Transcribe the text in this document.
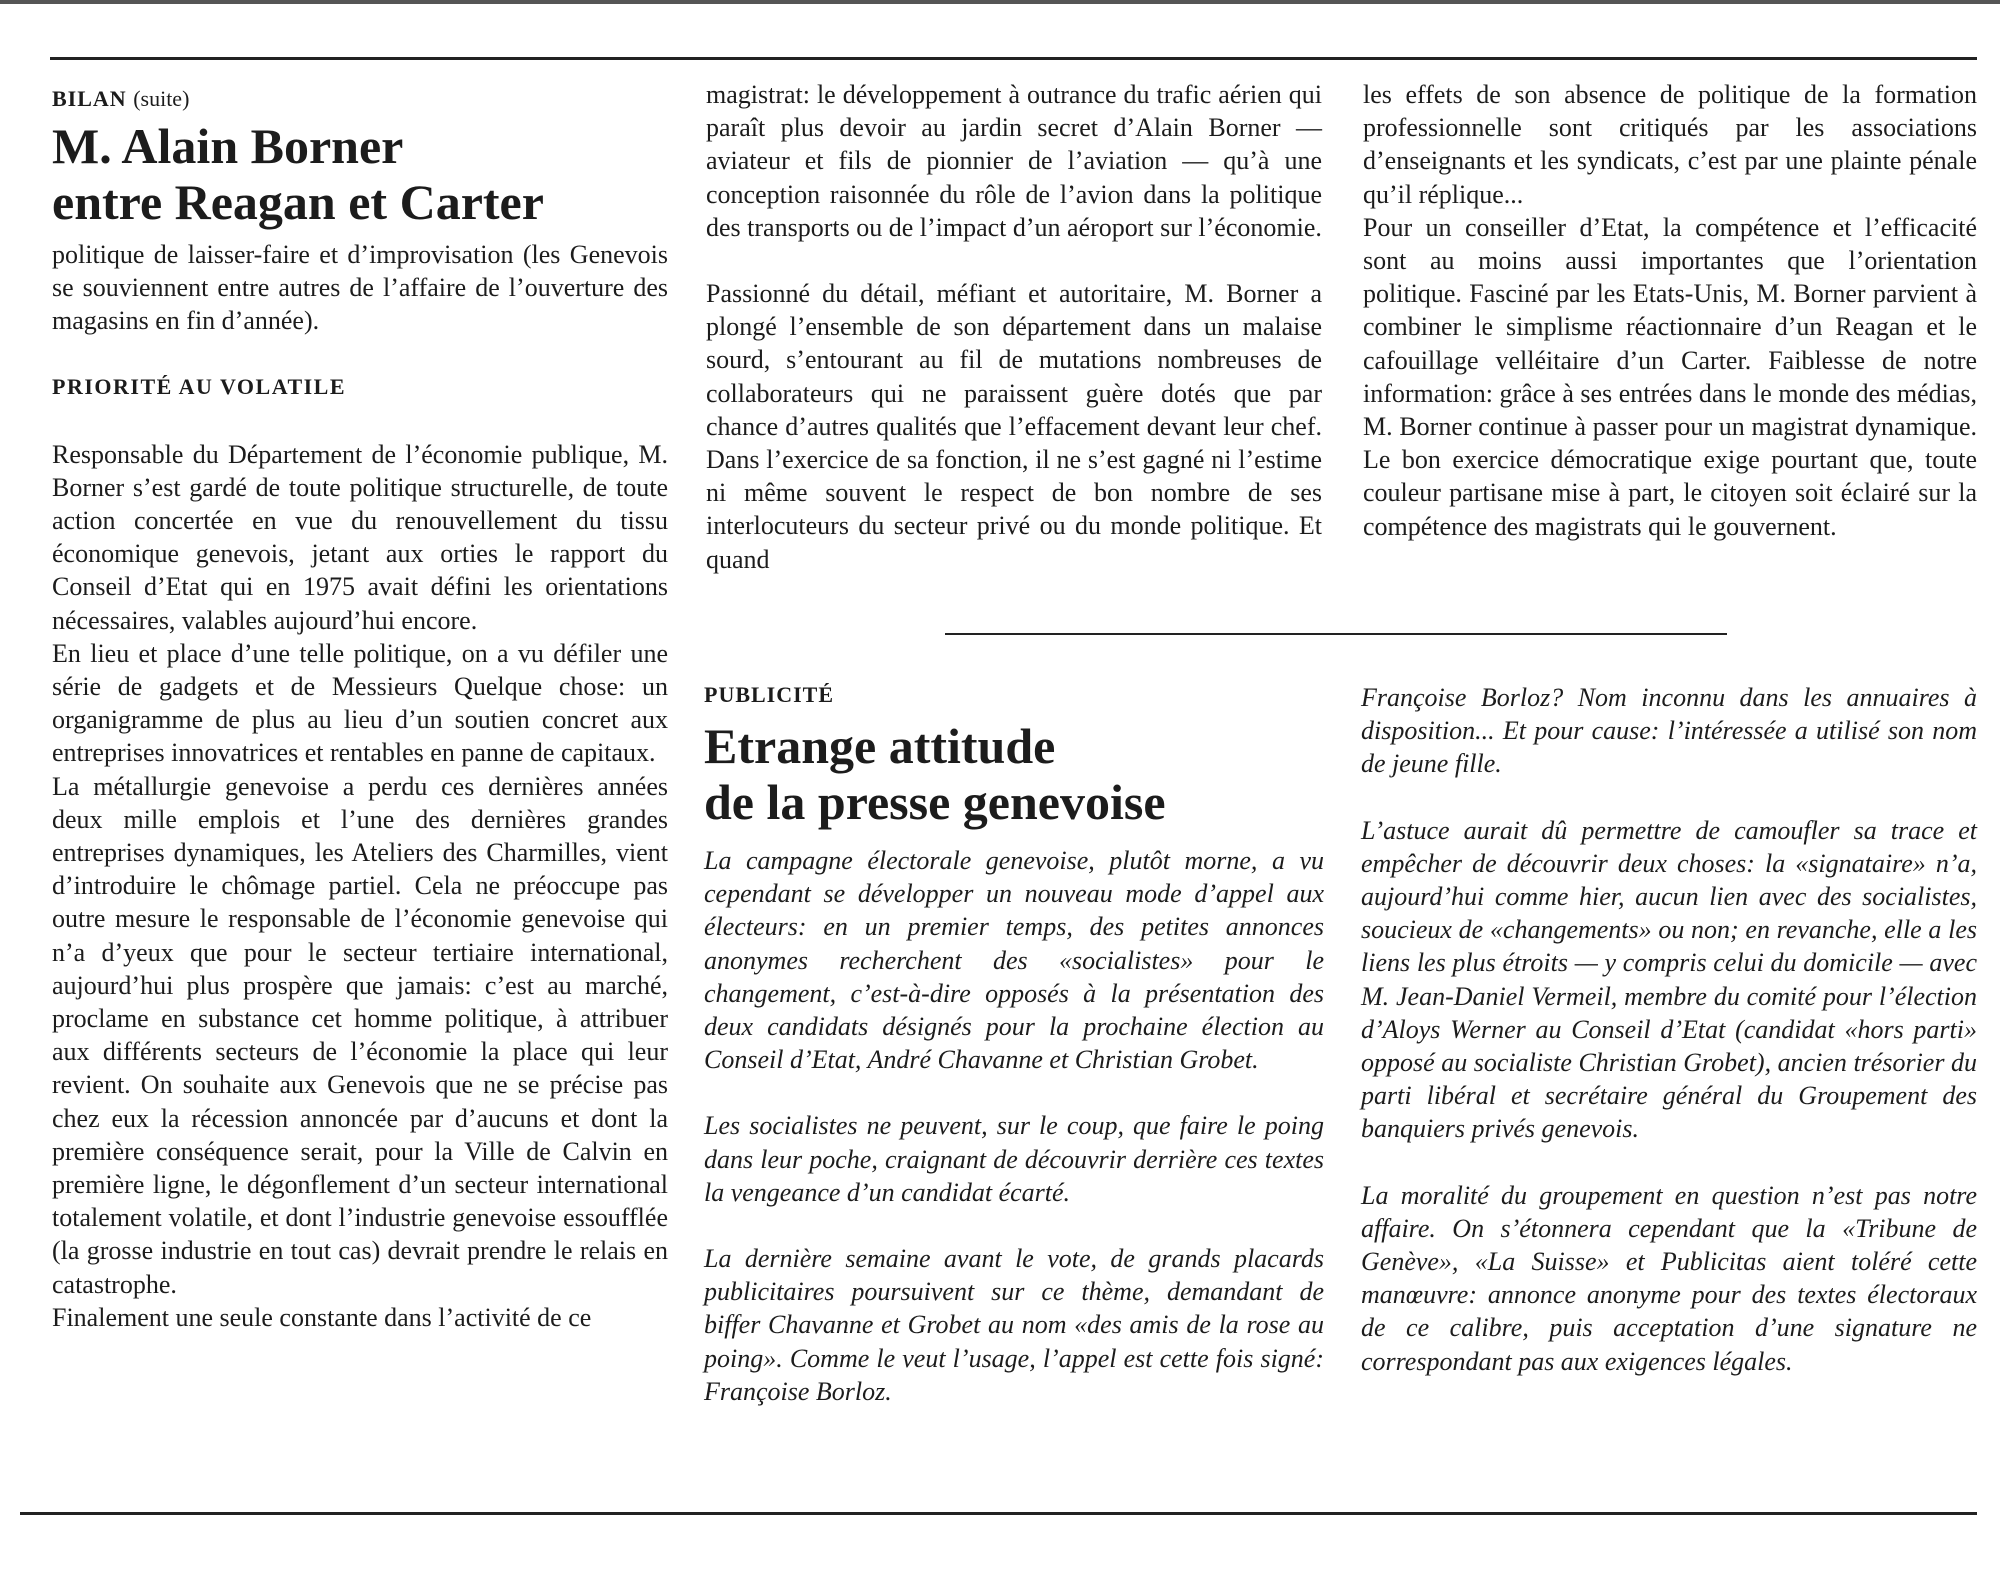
BILAN (suite)
M. Alain Borner
entre Reagan et Carter

politique de laisser-faire et d’improvisation (les Genevois se souviennent entre autres de l’affaire de l’ouverture des magasins en fin d’année).

PRIORITÉ AU VOLATILE

Responsable du Département de l’économie publique, M. Borner s’est gardé de toute politique structurelle, de toute action concertée en vue du renouvellement du tissu économique genevois, jetant aux orties le rapport du Conseil d’Etat qui en 1975 avait défini les orientations nécessaires, valables aujourd’hui encore.

En lieu et place d’une telle politique, on a vu défiler une série de gadgets et de Messieurs Quelque chose: un organigramme de plus au lieu d’un soutien concret aux entreprises innovatrices et rentables en panne de capitaux.

La métallurgie genevoise a perdu ces dernières années deux mille emplois et l’une des dernières grandes entreprises dynamiques, les Ateliers des Charmilles, vient d’introduire le chômage partiel. Cela ne préoccupe pas outre mesure le responsable de l’économie genevoise qui n’a d’yeux que pour le secteur tertiaire international, aujourd’hui plus prospère que jamais: c’est au marché, proclame en substance cet homme politique, à attribuer aux différents secteurs de l’économie la place qui leur revient. On souhaite aux Genevois que ne se précise pas chez eux la récession annoncée par d’aucuns et dont la première conséquence serait, pour la Ville de Calvin en première ligne, le dégonflement d’un secteur international totalement volatile, et dont l’industrie genevoise essoufflée (la grosse industrie en tout cas) devrait prendre le relais en catastrophe.

Finalement une seule constante dans l’activité de ce

magistrat: le développement à outrance du trafic aérien qui paraît plus devoir au jardin secret d’Alain Borner — aviateur et fils de pionnier de l’aviation — qu’à une conception raisonnée du rôle de l’avion dans la politique des transports ou de l’impact d’un aéroport sur l’économie.

Passionné du détail, méfiant et autoritaire, M. Borner a plongé l’ensemble de son département dans un malaise sourd, s’entourant au fil de mutations nombreuses de collaborateurs qui ne paraissent guère dotés que par chance d’autres qualités que l’effacement devant leur chef. Dans l’exercice de sa fonction, il ne s’est gagné ni l’estime ni même souvent le respect de bon nombre de ses interlocuteurs du secteur privé ou du monde politique. Et quand

les effets de son absence de politique de la formation professionnelle sont critiqués par les associations d’enseignants et les syndicats, c’est par une plainte pénale qu’il réplique...

Pour un conseiller d’Etat, la compétence et l’efficacité sont au moins aussi importantes que l’orientation politique. Fasciné par les Etats-Unis, M. Borner parvient à combiner le simplisme réactionnaire d’un Reagan et le cafouillage velléitaire d’un Carter. Faiblesse de notre information: grâce à ses entrées dans le monde des médias, M. Borner continue à passer pour un magistrat dynamique. Le bon exercice démocratique exige pourtant que, toute couleur partisane mise à part, le citoyen soit éclairé sur la compétence des magistrats qui le gouvernent.

PUBLICITÉ
Etrange attitude
de la presse genevoise

La campagne électorale genevoise, plutôt morne, a vu cependant se développer un nouveau mode d’appel aux électeurs: en un premier temps, des petites annonces anonymes recherchent des «socialistes» pour le changement, c’est-à-dire opposés à la présentation des deux candidats désignés pour la prochaine élection au Conseil d’Etat, André Chavanne et Christian Grobet.

Les socialistes ne peuvent, sur le coup, que faire le poing dans leur poche, craignant de découvrir derrière ces textes la vengeance d’un candidat écarté.

La dernière semaine avant le vote, de grands placards publicitaires poursuivent sur ce thème, demandant de biffer Chavanne et Grobet au nom «des amis de la rose au poing». Comme le veut l’usage, l’appel est cette fois signé: Françoise Borloz.

Françoise Borloz? Nom inconnu dans les annuaires à disposition... Et pour cause: l’intéressée a utilisé son nom de jeune fille.

L’astuce aurait dû permettre de camoufler sa trace et empêcher de découvrir deux choses: la «signataire» n’a, aujourd’hui comme hier, aucun lien avec des socialistes, soucieux de «changements» ou non; en revanche, elle a les liens les plus étroits — y compris celui du domicile — avec M. Jean-Daniel Vermeil, membre du comité pour l’élection d’Aloys Werner au Conseil d’Etat (candidat «hors parti» opposé au socialiste Christian Grobet), ancien trésorier du parti libéral et secrétaire général du Groupement des banquiers privés genevois.

La moralité du groupement en question n’est pas notre affaire. On s’étonnera cependant que la «Tribune de Genève», «La Suisse» et Publicitas aient toléré cette manœuvre: annonce anonyme pour des textes électoraux de ce calibre, puis acceptation d’une signature ne correspondant pas aux exigences légales.
